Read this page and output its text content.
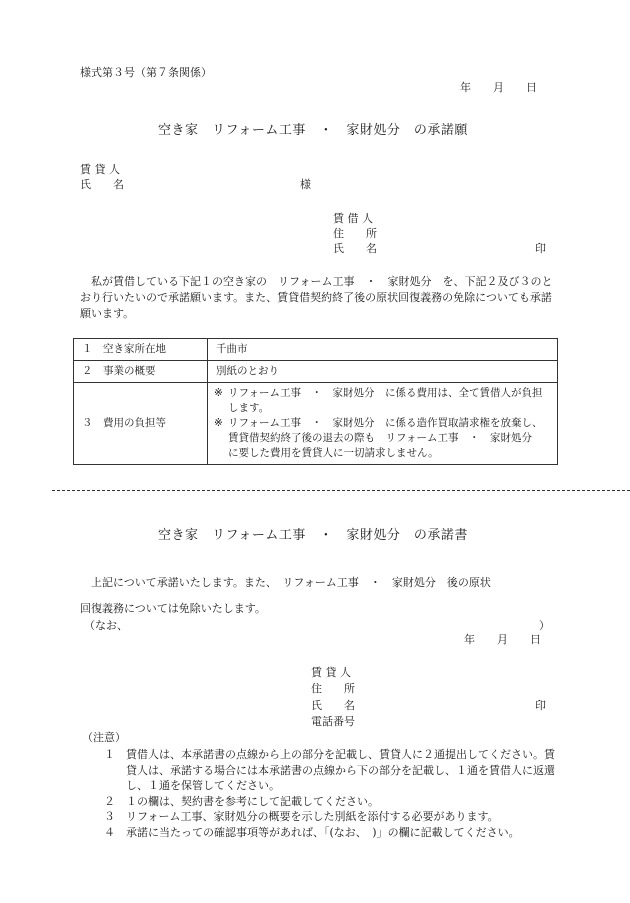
様式第３号（第７条関係）
年　　月　　日
空き家　リフォーム工事　・　家財処分　の承諾願
賃 貸 人
氏　　名	様
賃 借 人
住　　所
氏　　名	印
　私が賃借している下記１の空き家の　リフォーム工事　・　家財処分　を、下記２及び３のとおり行いたいので承諾願います。また、賃貸借契約終了後の原状回復義務の免除についても承諾願います。
１　空き家所在地	千曲市
２　事業の概要	別紙のとおり
３　費用の負担等	※ リフォーム工事　・　家財処分　に係る費用は、全て賃借人が負担します。
※ リフォーム工事　・　家財処分　に係る造作買取請求権を放棄し、賃貸借契約終了後の退去の際も　リフォーム工事　・　家財処分　に要した費用を賃貸人に一切請求しません。
空き家　リフォーム工事　・　家財処分　の承諾書
　上記について承諾いたします。また、　リフォーム工事　・　家財処分　後の原状
回復義務については免除いたします。
（なお、	）
年　　月　　日
賃 貸 人
住　　所
氏　　名	印
電話番号
（注意）
１	賃借人は、本承諾書の点線から上の部分を記載し、賃貸人に２通提出してください。賃貸人は、承諾する場合には本承諾書の点線から下の部分を記載し、１通を賃借人に返還し、１通を保管してください。
２	１の欄は、契約書を参考にして記載してください。
３	リフォーム工事、家財処分の概要を示した別紙を添付する必要があります。
４	承諾に当たっての確認事項等があれば、「(なお、　)」の欄に記載してください。
